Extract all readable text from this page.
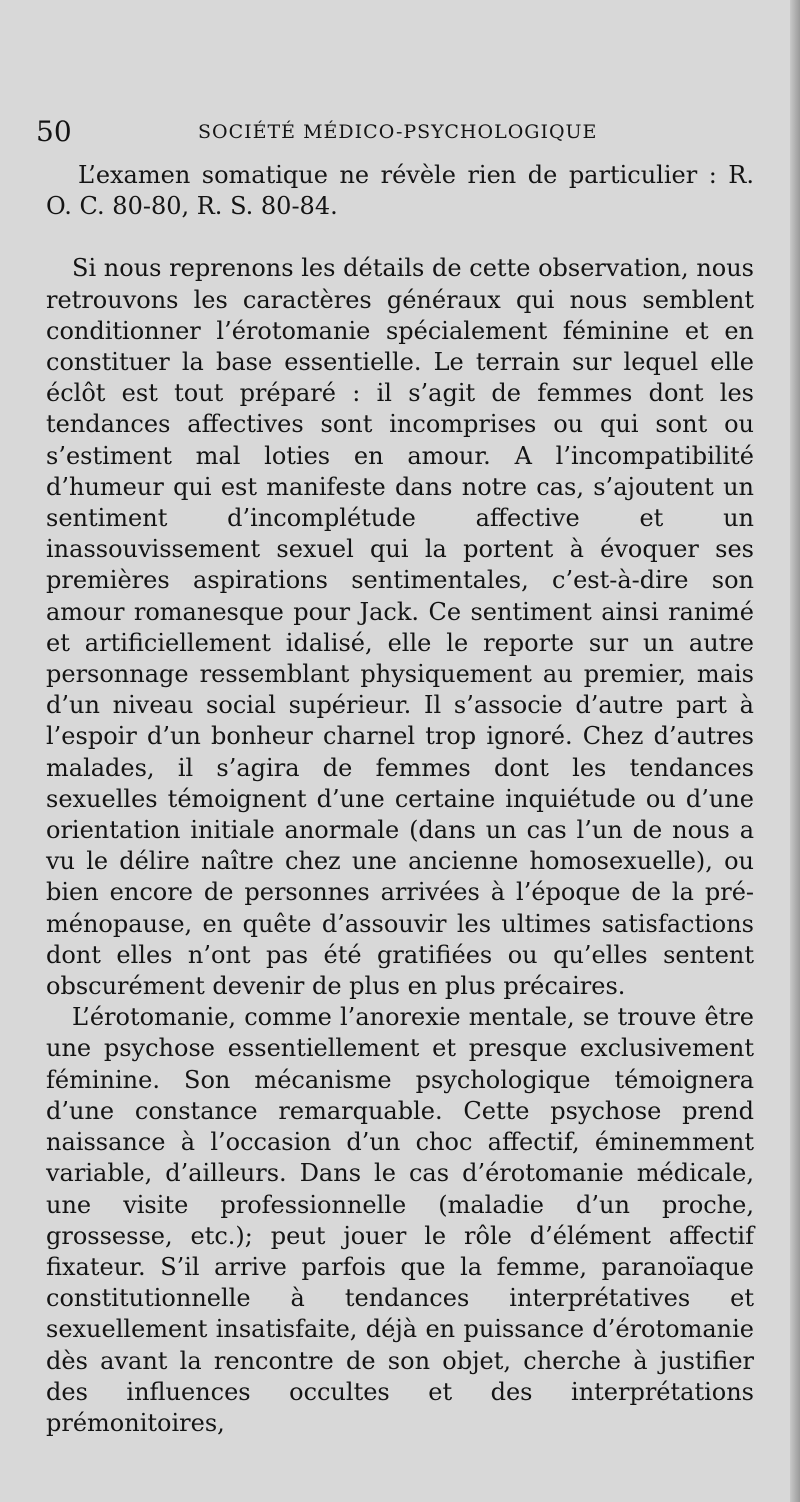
50	SOCIÉTÉ MÉDICO-PSYCHOLOGIQUE

L’examen somatique ne révèle rien de particulier : R. O. C. 80-80, R. S. 80-84.

Si nous reprenons les détails de cette observation, nous retrouvons les caractères généraux qui nous semblent conditionner l’érotomanie spécialement féminine et en constituer la base essentielle. Le terrain sur lequel elle éclôt est tout préparé : il s’agit de femmes dont les tendances affectives sont incomprises ou qui sont ou s’estiment mal loties en amour. A l’incompatibilité d’humeur qui est manifeste dans notre cas, s’ajoutent un sentiment d’incomplétude affective et un inassouvissement sexuel qui la portent à évoquer ses premières aspirations sentimentales, c’est-à-dire son amour romanesque pour Jack. Ce sentiment ainsi ranimé et artificiellement idalisé, elle le reporte sur un autre personnage ressemblant physiquement au premier, mais d’un niveau social supérieur. Il s’associe d’autre part à l’espoir d’un bonheur charnel trop ignoré. Chez d’autres malades, il s’agira de femmes dont les tendances sexuelles témoignent d’une certaine inquiétude ou d’une orientation initiale anormale (dans un cas l’un de nous a vu le délire naître chez une ancienne homosexuelle), ou bien encore de personnes arrivées à l’époque de la pré-ménopause, en quête d’assouvir les ultimes satisfactions dont elles n’ont pas été gratifiées ou qu’elles sentent obscurément devenir de plus en plus précaires.

L’érotomanie, comme l’anorexie mentale, se trouve être une psychose essentiellement et presque exclusivement féminine. Son mécanisme psychologique témoignera d’une constance remarquable. Cette psychose prend naissance à l’occasion d’un choc affectif, éminemment variable, d’ailleurs. Dans le cas d’érotomanie médicale, une visite professionnelle (maladie d’un proche, grossesse, etc.); peut jouer le rôle d’élément affectif fixateur. S’il arrive parfois que la femme, paranoïaque constitutionnelle à tendances interprétatives et sexuellement insatisfaite, déjà en puissance d’érotomanie dès avant la rencontre de son objet, cherche à justifier des influences occultes et des interprétations prémonitoires,
